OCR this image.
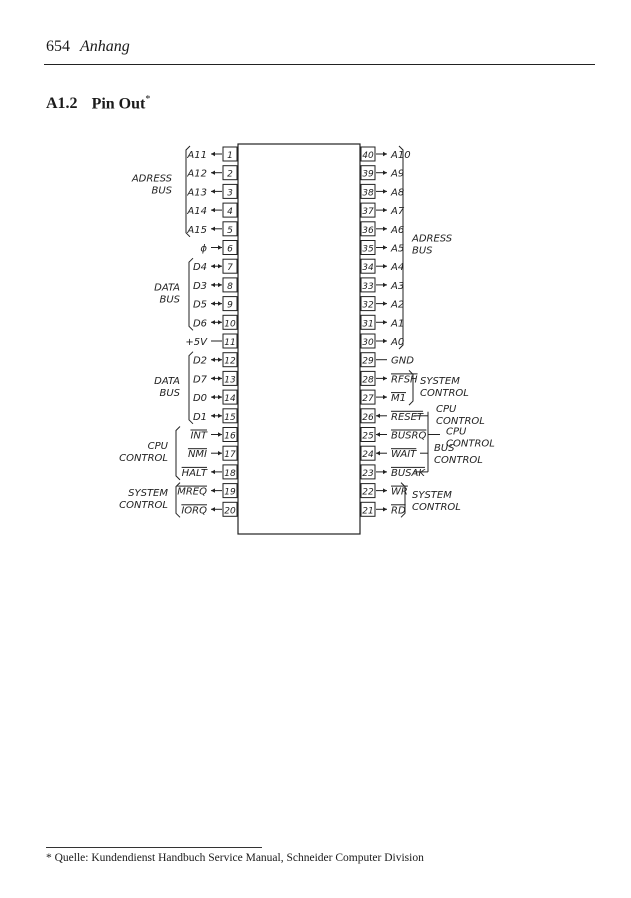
654 Anhang
A1.2 Pin Out*
1
A11
2
A12
3
A13
4
A14
5
A15
6
ϕ
7
D4
8
D3
9
D5
10
D6
11
+5V
12
D2
13
D7
14
D0
15
D1
16
INT
17
NMI
18
HALT
19
MREQ
20
IORQ
40 A10
39 A9
38 A8
37 A7
36 A6
35 A5
34 A4
33 A3
32 A2
31 A1
30 A0
29 GND
28 RFSH
27 M1
26 RESET
25 BUSRQ
24 WAIT
23 BUSAK
22 WR
21 RD
ADRESS
BUS
DATA
BUS
DATA
BUS
CPU
CONTROL
SYSTEM
CONTROL
ADRESS
BUS
SYSTEM
CONTROL
SYSTEM
CONTROL
CPU
CONTROL
CPU
CONTROL
BUS
CONTROL
* Quelle: Kundendienst Handbuch Service Manual, Schneider Computer Division
